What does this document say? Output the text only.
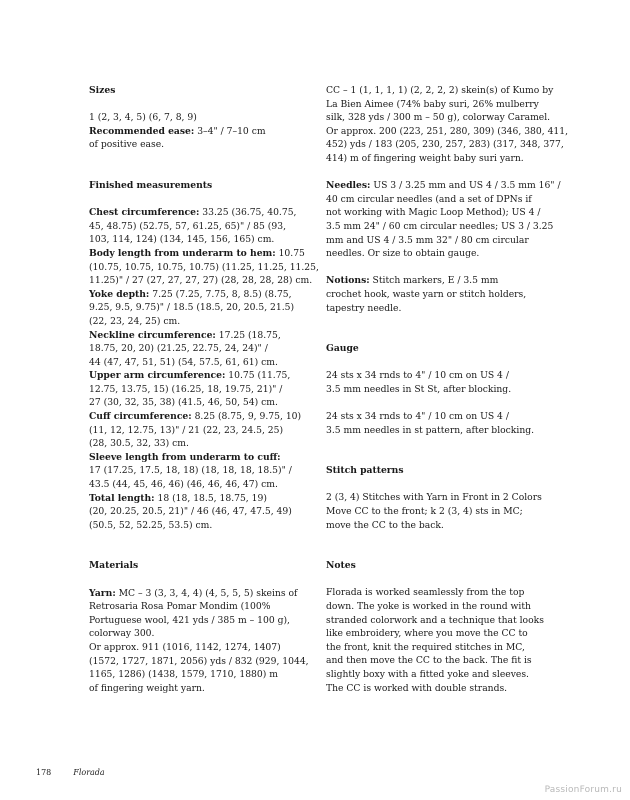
Sizes

1 (2, 3, 4, 5) (6, 7, 8, 9)
Recommended ease: 3–4" / 7–10 cm
of positive ease.

Finished measurements

Chest circumference: 33.25 (36.75, 40.75,
45, 48.75) (52.75, 57, 61.25, 65)" / 85 (93,
103, 114, 124) (134, 145, 156, 165) cm.
Body length from underarm to hem: 10.75
(10.75, 10.75, 10.75, 10.75) (11.25, 11.25, 11.25,
11.25)" / 27 (27, 27, 27, 27) (28, 28, 28, 28) cm.
Yoke depth: 7.25 (7.25, 7.75, 8, 8.5) (8.75,
9.25, 9.5, 9.75)" / 18.5 (18.5, 20, 20.5, 21.5)
(22, 23, 24, 25) cm.
Neckline circumference: 17.25 (18.75,
18.75, 20, 20) (21.25, 22.75, 24, 24)" /
44 (47, 47, 51, 51) (54, 57.5, 61, 61) cm.
Upper arm circumference: 10.75 (11.75,
12.75, 13.75, 15) (16.25, 18, 19.75, 21)" /
27 (30, 32, 35, 38) (41.5, 46, 50, 54) cm.
Cuff circumference: 8.25 (8.75, 9, 9.75, 10)
(11, 12, 12.75, 13)" / 21 (22, 23, 24.5, 25)
(28, 30.5, 32, 33) cm.
Sleeve length from underarm to cuff:
17 (17.25, 17.5, 18, 18) (18, 18, 18, 18.5)" /
43.5 (44, 45, 46, 46) (46, 46, 46, 47) cm.
Total length: 18 (18, 18.5, 18.75, 19)
(20, 20.25, 20.5, 21)" / 46 (46, 47, 47.5, 49)
(50.5, 52, 52.25, 53.5) cm.

Materials

Yarn: MC – 3 (3, 3, 4, 4) (4, 5, 5, 5) skeins of
Retrosaria Rosa Pomar Mondim (100%
Portuguese wool, 421 yds / 385 m – 100 g),
colorway 300.
Or approx. 911 (1016, 1142, 1274, 1407)
(1572, 1727, 1871, 2056) yds / 832 (929, 1044,
1165, 1286) (1438, 1579, 1710, 1880) m
of fingering weight yarn.

CC – 1 (1, 1, 1, 1) (2, 2, 2, 2) skein(s) of Kumo by
La Bien Aimee (74% baby suri, 26% mulberry
silk, 328 yds / 300 m – 50 g), colorway Caramel.
Or approx. 200 (223, 251, 280, 309) (346, 380, 411,
452) yds / 183 (205, 230, 257, 283) (317, 348, 377,
414) m of fingering weight baby suri yarn.

Needles: US 3 / 3.25 mm and US 4 / 3.5 mm 16" /
40 cm circular needles (and a set of DPNs if
not working with Magic Loop Method); US 4 /
3.5 mm 24" / 60 cm circular needles; US 3 / 3.25
mm and US 4 / 3.5 mm 32" / 80 cm circular
needles. Or size to obtain gauge.

Notions: Stitch markers, E / 3.5 mm
crochet hook, waste yarn or stitch holders,
tapestry needle.

Gauge

24 sts x 34 rnds to 4" / 10 cm on US 4 /
3.5 mm needles in St St, after blocking.

24 sts x 34 rnds to 4" / 10 cm on US 4 /
3.5 mm needles in st pattern, after blocking.

Stitch patterns

2 (3, 4) Stitches with Yarn in Front in 2 Colors
Move CC to the front; k 2 (3, 4) sts in MC;
move the CC to the back.

Notes

Florada is worked seamlessly from the top
down. The yoke is worked in the round with
stranded colorwork and a technique that looks
like embroidery, where you move the CC to
the front, knit the required stitches in MC,
and then move the CC to the back. The fit is
slightly boxy with a fitted yoke and sleeves.
The CC is worked with double strands.

178	Florada
PassionForum.ru
